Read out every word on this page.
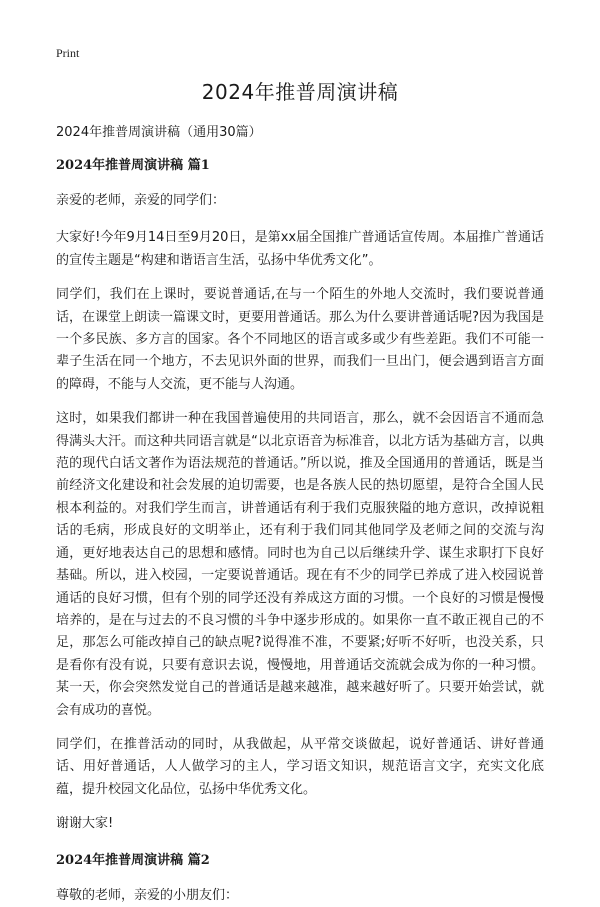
Print
2024年推普周演讲稿
2024年推普周演讲稿（通用30篇）
2024年推普周演讲稿 篇1

亲爱的老师，亲爱的同学们：

大家好!今年9月14日至9月20日，是第xx届全国推广普通话宣传周。本届推广普通话的宣传主题是“构建和谐语言生活，弘扬中华优秀文化”。

同学们，我们在上课时，要说普通话,在与一个陌生的外地人交流时，我们要说普通话，在课堂上朗读一篇课文时，更要用普通话。那么为什么要讲普通话呢?因为我国是一个多民族、多方言的国家。各个不同地区的语言或多或少有些差距。我们不可能一辈子生活在同一个地方，不去见识外面的世界，而我们一旦出门，便会遇到语言方面的障碍，不能与人交流，更不能与人沟通。

这时，如果我们都讲一种在我国普遍使用的共同语言，那么，就不会因语言不通而急得满头大汗。而这种共同语言就是“以北京语音为标准音，以北方话为基础方言，以典范的现代白话文著作为语法规范的普通话。”所以说，推及全国通用的普通话，既是当前经济文化建设和社会发展的迫切需要，也是各族人民的热切愿望，是符合全国人民根本利益的。对我们学生而言，讲普通话有利于我们克服狭隘的地方意识，改掉说粗话的毛病，形成良好的文明举止，还有利于我们同其他同学及老师之间的交流与沟通，更好地表达自己的思想和感情。同时也为自己以后继续升学、谋生求职打下良好基础。所以，进入校园，一定要说普通话。现在有不少的同学已养成了进入校园说普通话的良好习惯，但有个别的同学还没有养成这方面的习惯。一个良好的习惯是慢慢培养的，是在与过去的不良习惯的斗争中逐步形成的。如果你一直不敢正视自己的不足，那怎么可能改掉自己的缺点呢?说得准不准，不要紧;好听不好听，也没关系，只是看你有没有说，只要有意识去说，慢慢地，用普通话交流就会成为你的一种习惯。某一天，你会突然发觉自己的普通话是越来越准，越来越好听了。只要开始尝试，就会有成功的喜悦。

同学们，在推普活动的同时，从我做起，从平常交谈做起，说好普通话、讲好普通话、用好普通话，人人做学习的主人，学习语文知识，规范语言文字，充实文化底蕴，提升校园文化品位，弘扬中华优秀文化。

谢谢大家!

2024年推普周演讲稿 篇2

尊敬的老师，亲爱的小朋友们：
